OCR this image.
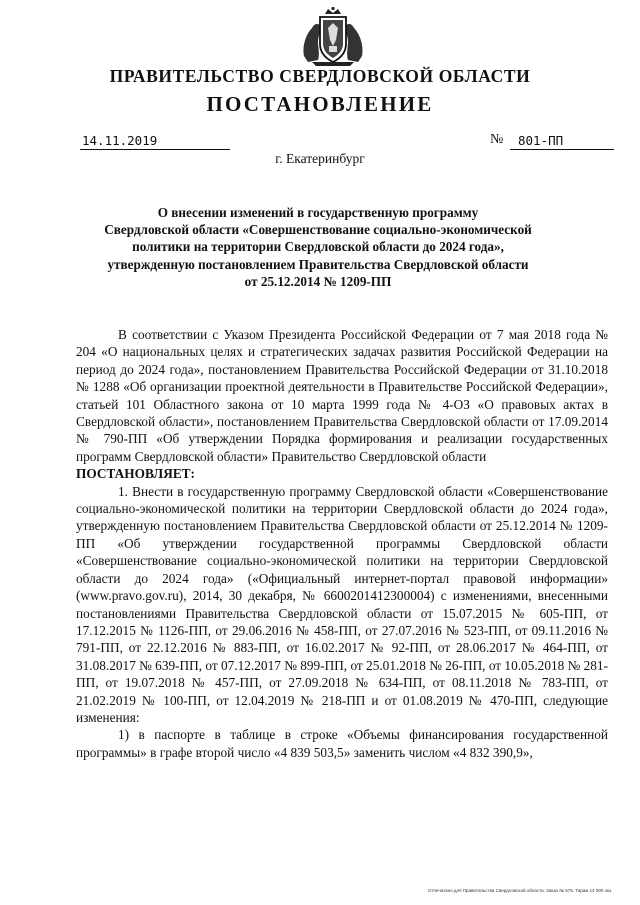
ПРАВИТЕЛЬСТВО СВЕРДЛОВСКОЙ ОБЛАСТИ
ПОСТАНОВЛЕНИЕ
14.11.2019	№	801-ПП
г. Екатеринбург
О внесении изменений в государственную программу
Свердловской области «Совершенствование социально-экономической
политики на территории Свердловской области до 2024 года»,
утвержденную постановлением Правительства Свердловской области
от 25.12.2014 № 1209-ПП

В соответствии с Указом Президента Российской Федерации от 7 мая 2018 года № 204 «О национальных целях и стратегических задачах развития Российской Федерации на период до 2024 года», постановлением Правительства Российской Федерации от 31.10.2018 № 1288 «Об организации проектной деятельности в Правительстве Российской Федерации», статьей 101 Областного закона от 10 марта 1999 года № 4-ОЗ «О правовых актах в Свердловской области», постановлением Правительства Свердловской области от 17.09.2014 № 790-ПП «Об утверждении Порядка формирования и реализации государственных программ Свердловской области» Правительство Свердловской области

ПОСТАНОВЛЯЕТ:

1. Внести в государственную программу Свердловской области «Совершенствование социально-экономической политики на территории Свердловской области до 2024 года», утвержденную постановлением Правительства Свердловской области от 25.12.2014 № 1209-ПП «Об утверждении государственной программы Свердловской области «Совершенствование социально-экономической политики на территории Свердловской области до 2024 года» («Официальный интернет-портал правовой информации» (www.pravo.gov.ru), 2014, 30 декабря, № 6600201412300004) с изменениями, внесенными постановлениями Правительства Свердловской области от 15.07.2015 № 605-ПП, от 17.12.2015 № 1126-ПП, от 29.06.2016 № 458-ПП, от 27.07.2016 № 523-ПП, от 09.11.2016 № 791-ПП, от 22.12.2016 № 883-ПП, от 16.02.2017 № 92-ПП, от 28.06.2017 № 464-ПП, от 31.08.2017 № 639-ПП, от 07.12.2017 № 899-ПП, от 25.01.2018 № 26-ПП, от 10.05.2018 № 281-ПП, от 19.07.2018 № 457-ПП, от 27.09.2018 № 634-ПП, от 08.11.2018 № 783-ПП, от 21.02.2019 № 100-ПП, от 12.04.2019 № 218-ПП и от 01.08.2019 № 470-ПП, следующие изменения:

1) в паспорте в таблице в строке «Объемы финансирования государственной программы» в графе второй число «4 839 503,5» заменить числом «4 832 390,9»,

Отпечатано для Правительства Свердловской области. Заказ № 575. Тираж 14 000 экз.
